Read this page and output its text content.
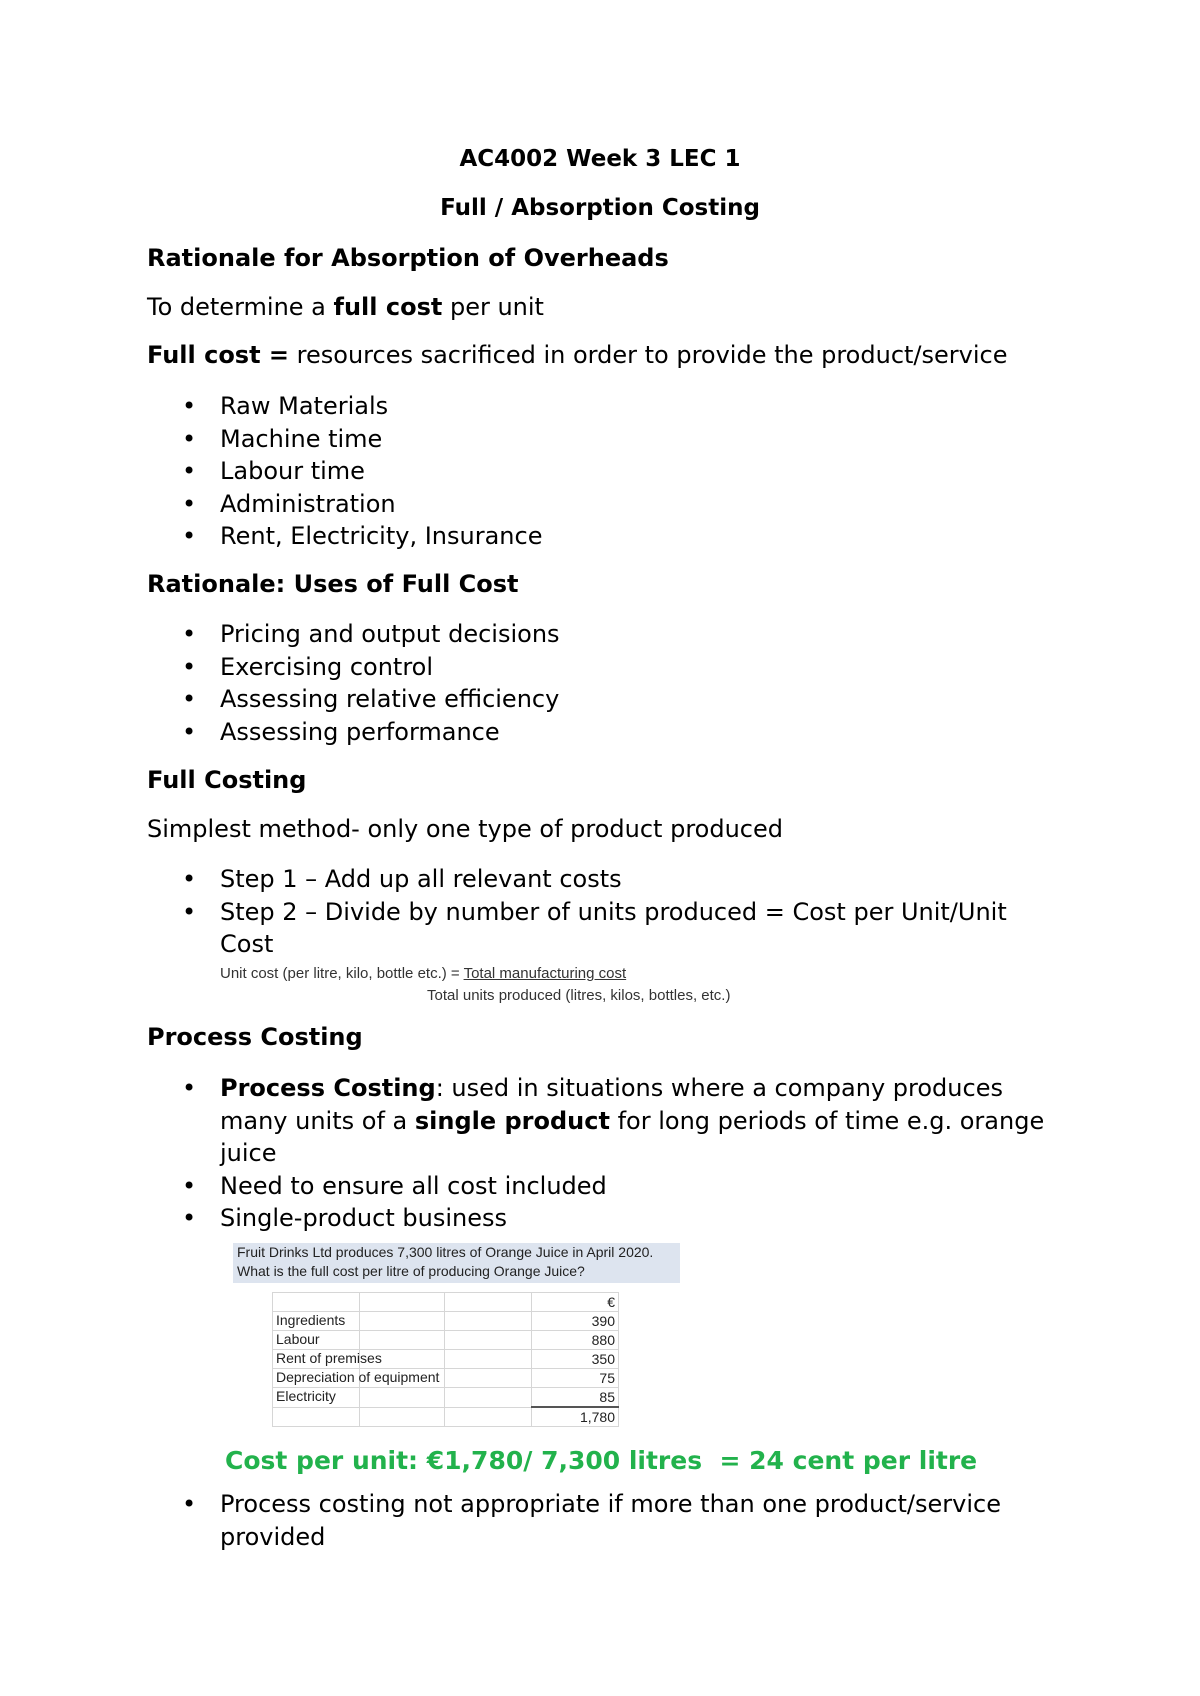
AC4002 Week 3 LEC 1
Full / Absorption Costing
Rationale for Absorption of Overheads
To determine a full cost per unit
Full cost = resources sacrificed in order to provide the product/service
• Raw Materials
• Machine time
• Labour time
• Administration
• Rent, Electricity, Insurance
Rationale: Uses of Full Cost
• Pricing and output decisions
• Exercising control
• Assessing relative efficiency
• Assessing performance
Full Costing
Simplest method- only one type of product produced
• Step 1 – Add up all relevant costs
• Step 2 – Divide by number of units produced = Cost per Unit/Unit Cost
Unit cost (per litre, kilo, bottle etc.) = Total manufacturing cost
Total units produced (litres, kilos, bottles, etc.)
Process Costing
• Process Costing: used in situations where a company produces many units of a single product for long periods of time e.g. orange juice
• Need to ensure all cost included
• Single-product business
Fruit Drinks Ltd produces 7,300 litres of Orange Juice in April 2020.
What is the full cost per litre of producing Orange Juice?
			€

Ingredients			390

Labour			880

Rent of premises			350

Depreciation of equipment			75

Electricity			85
			1,780
Cost per unit: €1,780/ 7,300 litres  = 24 cent per litre
• Process costing not appropriate if more than one product/service provided
